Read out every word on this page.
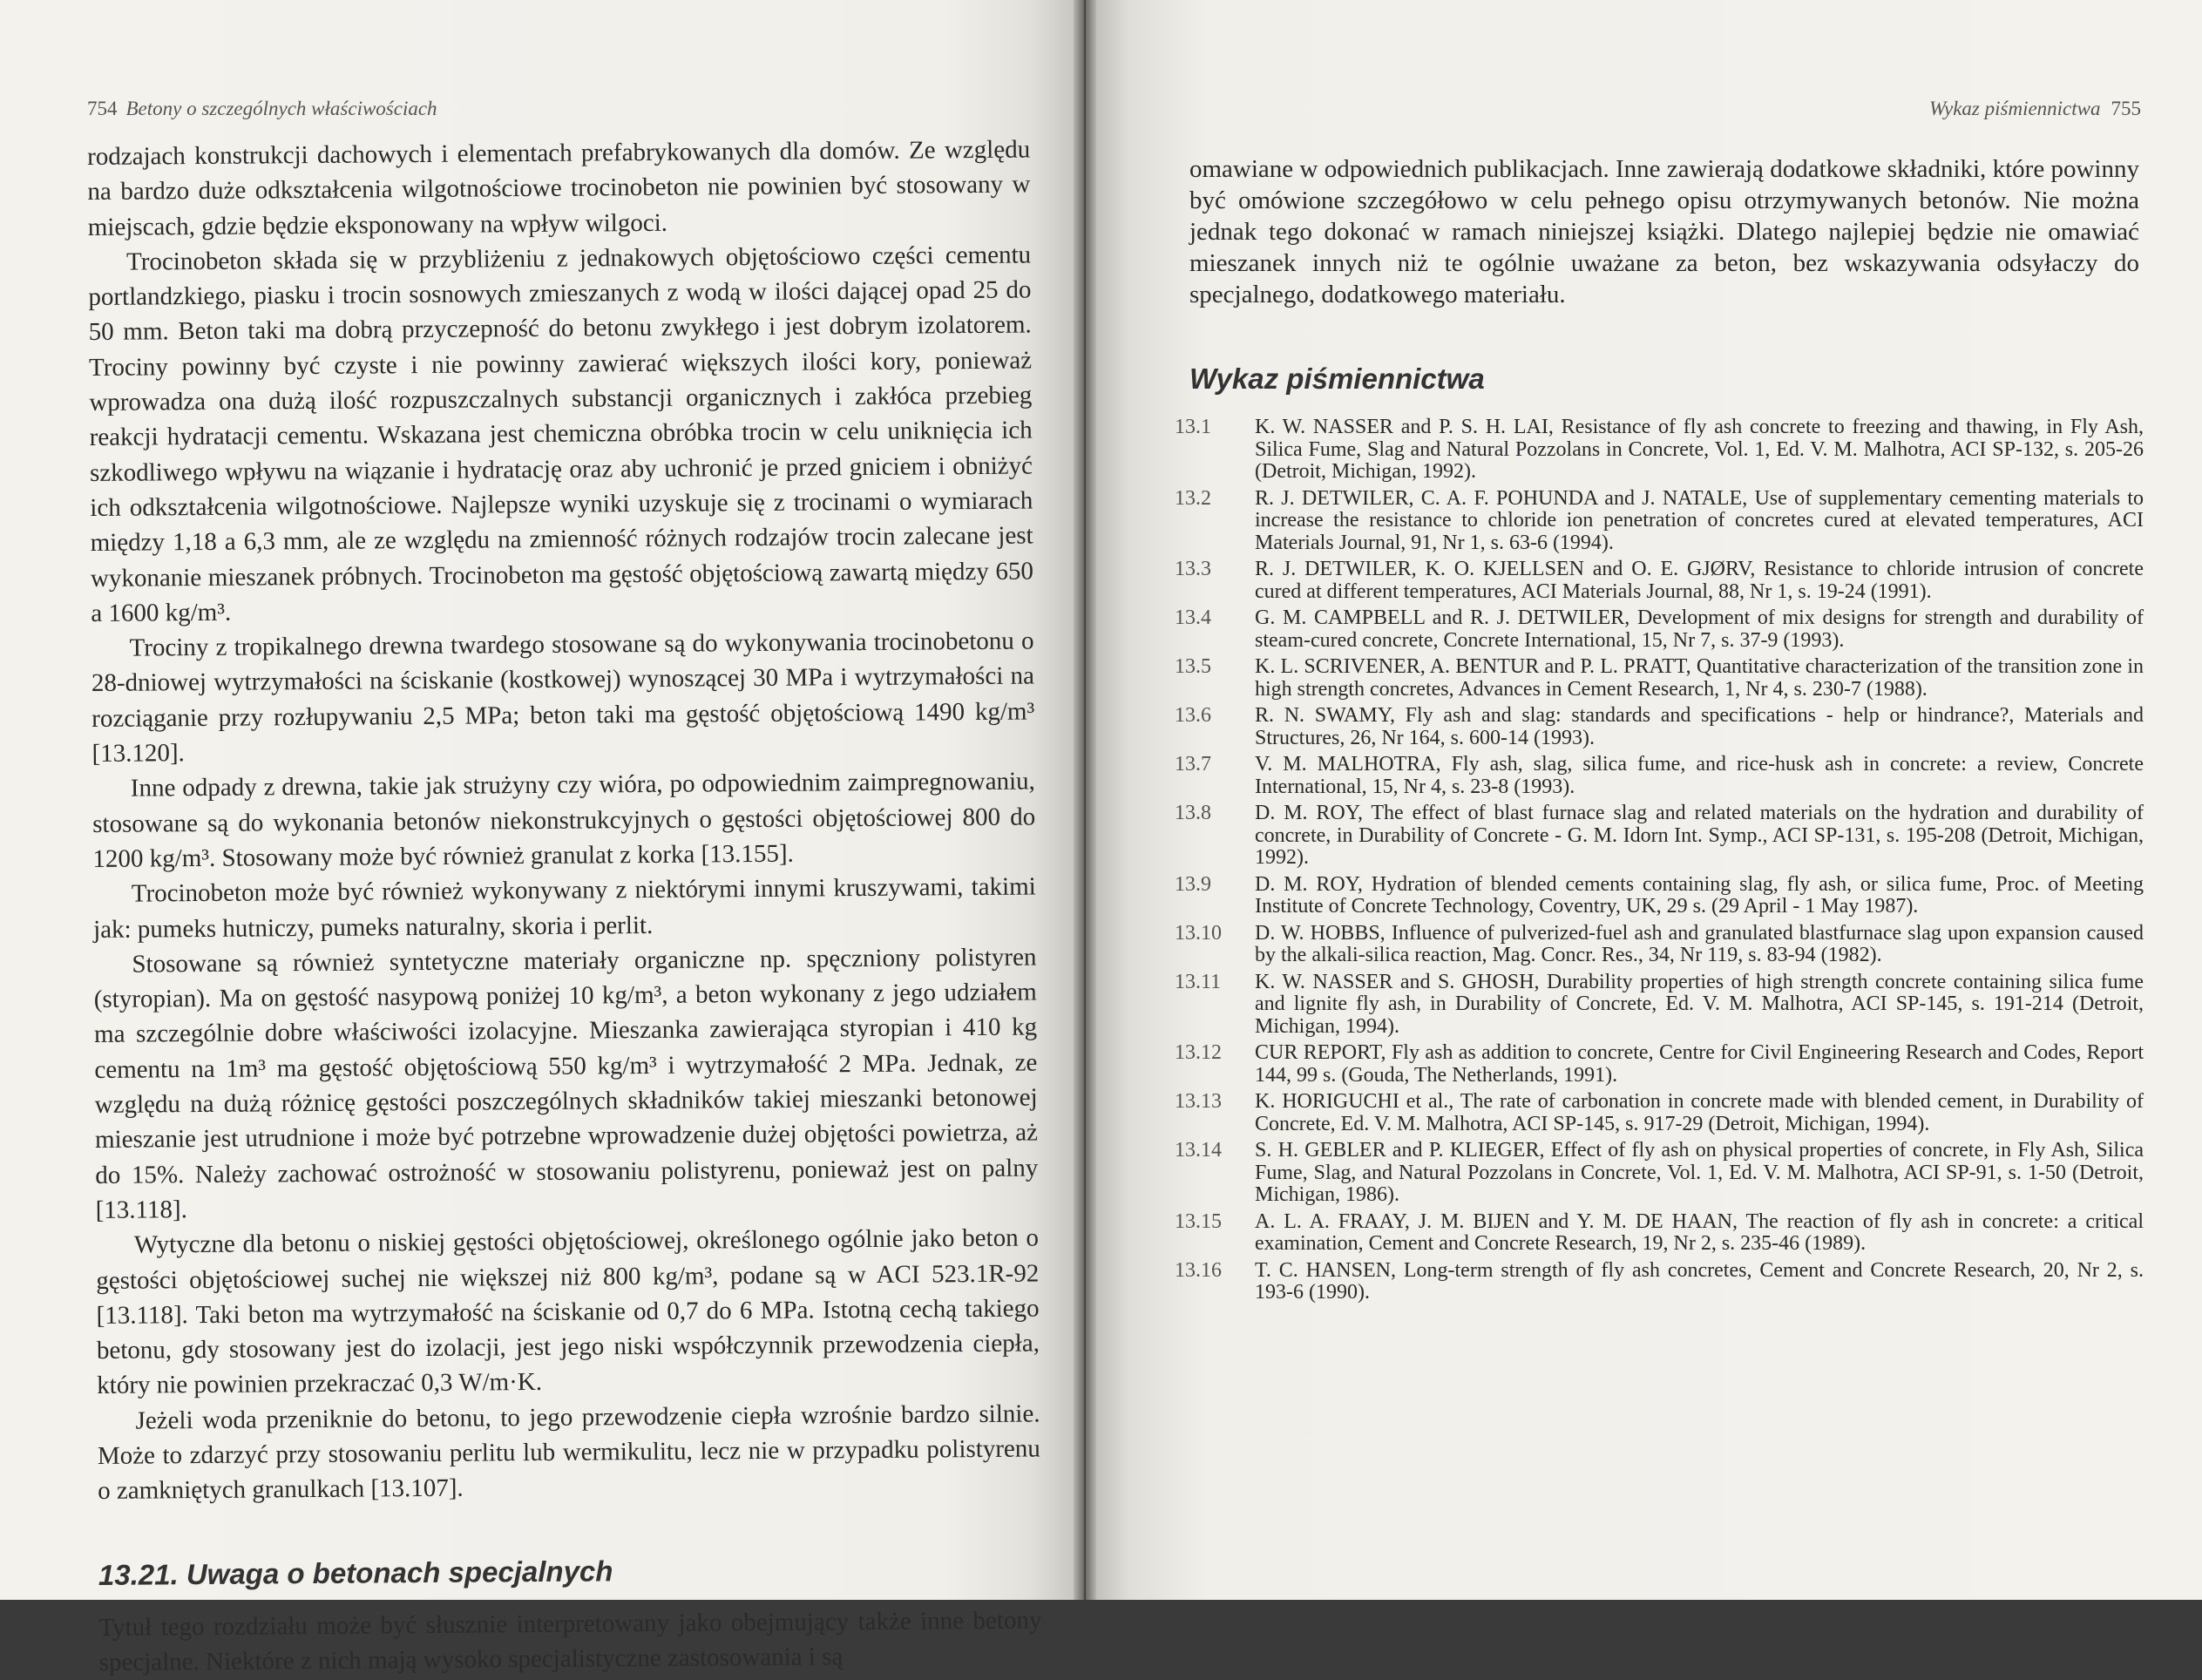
754 Betony o szczególnych właściwościach	Wykaz piśmiennictwa 755

rodzajach konstrukcji dachowych i elementach prefabrykowanych dla domów. Ze względu na bardzo duże odkształcenia wilgotnościowe trocinobeton nie powinien być stosowany w miejscach, gdzie będzie eksponowany na wpływ wilgoci.

Trocinobeton składa się w przybliżeniu z jednakowych objętościowo części cementu portlandzkiego, piasku i trocin sosnowych zmieszanych z wodą w ilości dającej opad 25 do 50 mm. Beton taki ma dobrą przyczepność do betonu zwykłego i jest dobrym izolatorem. Trociny powinny być czyste i nie powinny zawierać większych ilości kory, ponieważ wprowadza ona dużą ilość rozpuszczalnych substancji organicznych i zakłóca przebieg reakcji hydratacji cementu. Wskazana jest chemiczna obróbka trocin w celu uniknięcia ich szkodliwego wpływu na wiązanie i hydratację oraz aby uchronić je przed gniciem i obniżyć ich odkształcenia wilgotnościowe. Najlepsze wyniki uzyskuje się z trocinami o wymiarach między 1,18 a 6,3 mm, ale ze względu na zmienność różnych rodzajów trocin zalecane jest wykonanie mieszanek próbnych. Trocinobeton ma gęstość objętościową zawartą między 650 a 1600 kg/m³.

Trociny z tropikalnego drewna twardego stosowane są do wykonywania trocinobetonu o 28-dniowej wytrzymałości na ściskanie (kostkowej) wynoszącej 30 MPa i wytrzymałości na rozciąganie przy rozłupywaniu 2,5 MPa; beton taki ma gęstość objętościową 1490 kg/m³ [13.120].

Inne odpady z drewna, takie jak strużyny czy wióra, po odpowiednim zaimpregnowaniu, stosowane są do wykonania betonów niekonstrukcyjnych o gęstości objętościowej 800 do 1200 kg/m³. Stosowany może być również granulat z korka [13.155].

Trocinobeton może być również wykonywany z niektórymi innymi kruszywami, takimi jak: pumeks hutniczy, pumeks naturalny, skoria i perlit.

Stosowane są również syntetyczne materiały organiczne np. spęczniony polistyren (styropian). Ma on gęstość nasypową poniżej 10 kg/m³, a beton wykonany z jego udziałem ma szczególnie dobre właściwości izolacyjne. Mieszanka zawierająca styropian i 410 kg cementu na 1m³ ma gęstość objętościową 550 kg/m³ i wytrzymałość 2 MPa. Jednak, ze względu na dużą różnicę gęstości poszczególnych składników takiej mieszanki betonowej mieszanie jest utrudnione i może być potrzebne wprowadzenie dużej objętości powietrza, aż do 15%. Należy zachować ostrożność w stosowaniu polistyrenu, ponieważ jest on palny [13.118].

Wytyczne dla betonu o niskiej gęstości objętościowej, określonego ogólnie jako beton o gęstości objętościowej suchej nie większej niż 800 kg/m³, podane są w ACI 523.1R-92 [13.118]. Taki beton ma wytrzymałość na ściskanie od 0,7 do 6 MPa. Istotną cechą takiego betonu, gdy stosowany jest do izolacji, jest jego niski współczynnik przewodzenia ciepła, który nie powinien przekraczać 0,3 W/m·K.

Jeżeli woda przeniknie do betonu, to jego przewodzenie ciepła wzrośnie bardzo silnie. Może to zdarzyć przy stosowaniu perlitu lub wermikulitu, lecz nie w przypadku polistyrenu o zamkniętych granulkach [13.107].

13.21. Uwaga o betonach specjalnych

Tytuł tego rozdziału może być słusznie interpretowany jako obejmujący także inne betony specjalne. Niektóre z nich mają wysoko specjalistyczne zastosowania i są

omawiane w odpowiednich publikacjach. Inne zawierają dodatkowe składniki, które powinny być omówione szczegółowo w celu pełnego opisu otrzymywanych betonów. Nie można jednak tego dokonać w ramach niniejszej książki. Dlatego najlepiej będzie nie omawiać mieszanek innych niż te ogólnie uważane za beton, bez wskazywania odsyłaczy do specjalnego, dodatkowego materiału.

Wykaz piśmiennictwa
13.1	K. W. NASSER and P. S. H. LAI, Resistance of fly ash concrete to freezing and thawing, in Fly Ash, Silica Fume, Slag and Natural Pozzolans in Concrete, Vol. 1, Ed. V. M. Malhotra, ACI SP-132, s. 205-26 (Detroit, Michigan, 1992).
13.2	R. J. DETWILER, C. A. F. POHUNDA and J. NATALE, Use of supplementary cementing materials to increase the resistance to chloride ion penetration of concretes cured at elevated temperatures, ACI Materials Journal, 91, Nr 1, s. 63-6 (1994).
13.3	R. J. DETWILER, K. O. KJELLSEN and O. E. GJØRV, Resistance to chloride intrusion of concrete cured at different temperatures, ACI Materials Journal, 88, Nr 1, s. 19-24 (1991).
13.4	G. M. CAMPBELL and R. J. DETWILER, Development of mix designs for strength and durability of steam-cured concrete, Concrete International, 15, Nr 7, s. 37-9 (1993).
13.5	K. L. SCRIVENER, A. BENTUR and P. L. PRATT, Quantitative characterization of the transition zone in high strength concretes, Advances in Cement Research, 1, Nr 4, s. 230-7 (1988).
13.6	R. N. SWAMY, Fly ash and slag: standards and specifications - help or hindrance?, Materials and Structures, 26, Nr 164, s. 600-14 (1993).
13.7	V. M. MALHOTRA, Fly ash, slag, silica fume, and rice-husk ash in concrete: a review, Concrete International, 15, Nr 4, s. 23-8 (1993).
13.8	D. M. ROY, The effect of blast furnace slag and related materials on the hydration and durability of concrete, in Durability of Concrete - G. M. Idorn Int. Symp., ACI SP-131, s. 195-208 (Detroit, Michigan, 1992).
13.9	D. M. ROY, Hydration of blended cements containing slag, fly ash, or silica fume, Proc. of Meeting Institute of Concrete Technology, Coventry, UK, 29 s. (29 April - 1 May 1987).
13.10	D. W. HOBBS, Influence of pulverized-fuel ash and granulated blastfurnace slag upon expansion caused by the alkali-silica reaction, Mag. Concr. Res., 34, Nr 119, s. 83-94 (1982).
13.11	K. W. NASSER and S. GHOSH, Durability properties of high strength concrete containing silica fume and lignite fly ash, in Durability of Concrete, Ed. V. M. Malhotra, ACI SP-145, s. 191-214 (Detroit, Michigan, 1994).
13.12	CUR REPORT, Fly ash as addition to concrete, Centre for Civil Engineering Research and Codes, Report 144, 99 s. (Gouda, The Netherlands, 1991).
13.13	K. HORIGUCHI et al., The rate of carbonation in concrete made with blended cement, in Durability of Concrete, Ed. V. M. Malhotra, ACI SP-145, s. 917-29 (Detroit, Michigan, 1994).
13.14	S. H. GEBLER and P. KLIEGER, Effect of fly ash on physical properties of concrete, in Fly Ash, Silica Fume, Slag, and Natural Pozzolans in Concrete, Vol. 1, Ed. V. M. Malhotra, ACI SP-91, s. 1-50 (Detroit, Michigan, 1986).
13.15	A. L. A. FRAAY, J. M. BIJEN and Y. M. DE HAAN, The reaction of fly ash in concrete: a critical examination, Cement and Concrete Research, 19, Nr 2, s. 235-46 (1989).
13.16	T. C. HANSEN, Long-term strength of fly ash concretes, Cement and Concrete Research, 20, Nr 2, s. 193-6 (1990).
